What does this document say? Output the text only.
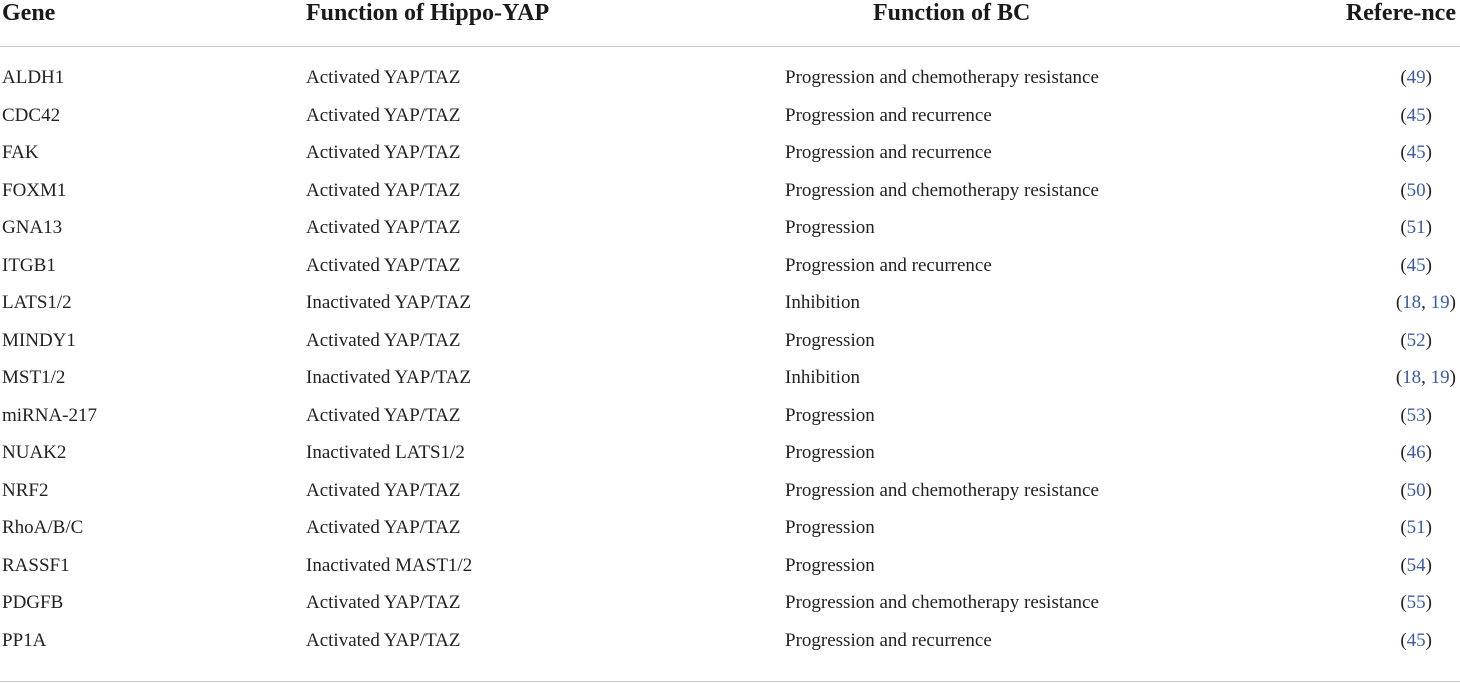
Gene	Function of Hippo-YAP	Function of BC	Refere-nce
ALDH1	Activated YAP/TAZ	Progression and chemotherapy resistance	(49)
CDC42	Activated YAP/TAZ	Progression and recurrence	(45)
FAK	Activated YAP/TAZ	Progression and recurrence	(45)
FOXM1	Activated YAP/TAZ	Progression and chemotherapy resistance	(50)
GNA13	Activated YAP/TAZ	Progression	(51)
ITGB1	Activated YAP/TAZ	Progression and recurrence	(45)
LATS1/2	Inactivated YAP/TAZ	Inhibition	(18, 19)
MINDY1	Activated YAP/TAZ	Progression	(52)
MST1/2	Inactivated YAP/TAZ	Inhibition	(18, 19)
miRNA-217	Activated YAP/TAZ	Progression	(53)
NUAK2	Inactivated LATS1/2	Progression	(46)
NRF2	Activated YAP/TAZ	Progression and chemotherapy resistance	(50)
RhoA/B/C	Activated YAP/TAZ	Progression	(51)
RASSF1	Inactivated MAST1/2	Progression	(54)
PDGFB	Activated YAP/TAZ	Progression and chemotherapy resistance	(55)
PP1A	Activated YAP/TAZ	Progression and recurrence	(45)
